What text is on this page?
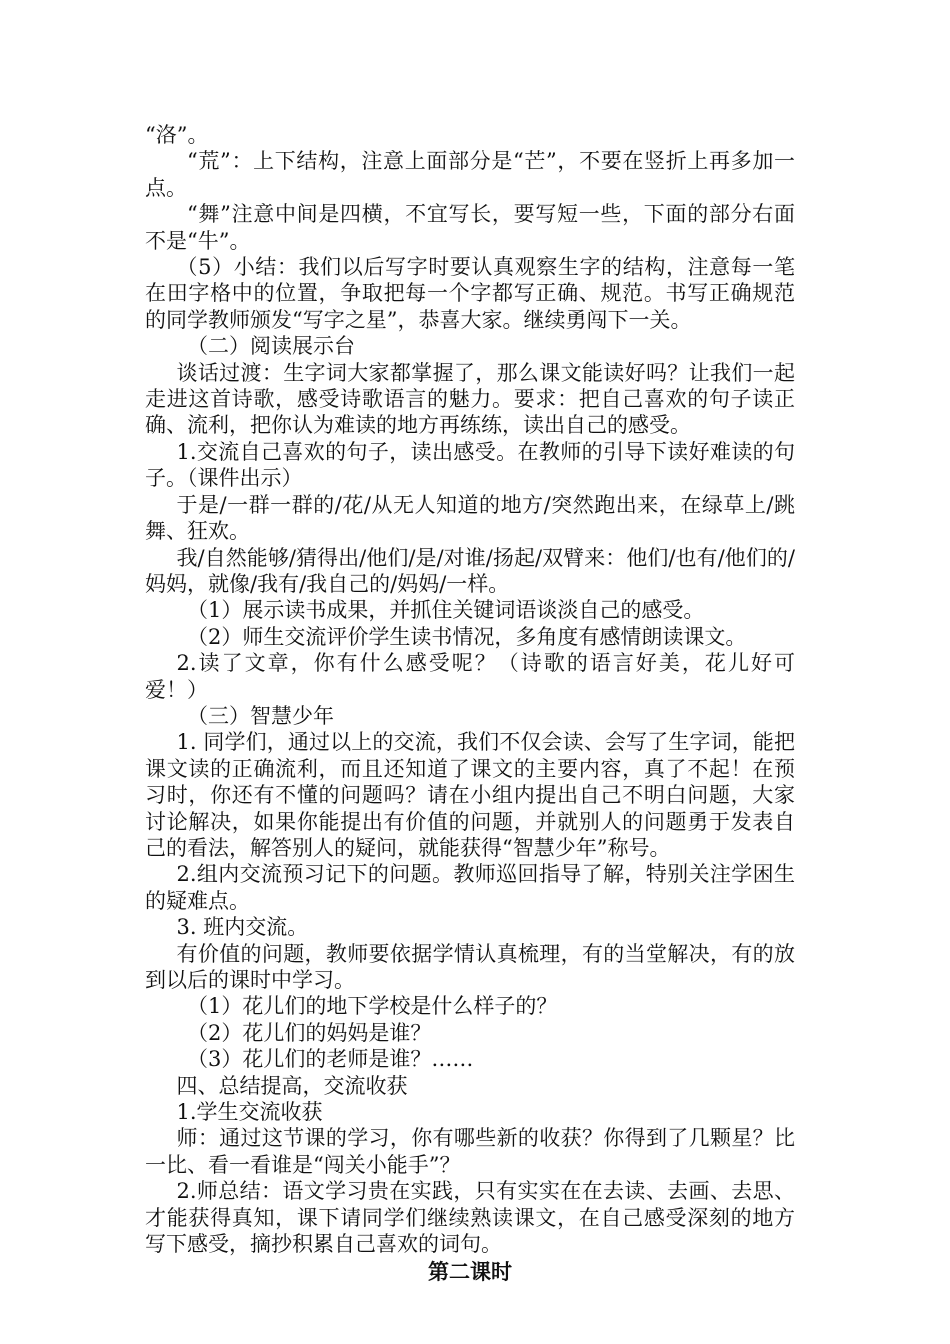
“洛”。

“荒”：上下结构，注意上面部分是“芒”，不要在竖折上再多加一点。

“舞”注意中间是四横，不宜写长，要写短一些，下面的部分右面不是“牛”。

（5）小结：我们以后写字时要认真观察生字的结构，注意每一笔在田字格中的位置，争取把每一个字都写正确、规范。书写正确规范的同学教师颁发“写字之星”，恭喜大家。继续勇闯下一关。

（二）阅读展示台

谈话过渡：生字词大家都掌握了，那么课文能读好吗？让我们一起走进这首诗歌，感受诗歌语言的魅力。要求：把自己喜欢的句子读正确、流利，把你认为难读的地方再练练，读出自己的感受。

1.交流自己喜欢的句子，读出感受。在教师的引导下读好难读的句子。（课件出示）

于是/一群一群的/花/从无人知道的地方/突然跑出来，在绿草上/跳舞、狂欢。

我/自然能够/猜得出/他们/是/对谁/扬起/双臂来：他们/也有/他们的/妈妈，就像/我有/我自己的/妈妈/一样。

（1）展示读书成果，并抓住关键词语谈淡自己的感受。

（2）师生交流评价学生读书情况，多角度有感情朗读课文。

2.读了文章，你有什么感受呢？（诗歌的语言好美，花儿好可爱！）

（三）智慧少年

1. 同学们，通过以上的交流，我们不仅会读、会写了生字词，能把课文读的正确流利，而且还知道了课文的主要内容，真了不起！在预习时，你还有不懂的问题吗？请在小组内提出自己不明白问题，大家讨论解决，如果你能提出有价值的问题，并就别人的问题勇于发表自己的看法，解答别人的疑问，就能获得“智慧少年”称号。

2.组内交流预习记下的问题。教师巡回指导了解，特别关注学困生的疑难点。

3. 班内交流。

有价值的问题，教师要依据学情认真梳理，有的当堂解决，有的放到以后的课时中学习。

（1）花儿们的地下学校是什么样子的？

（2）花儿们的妈妈是谁？

（3）花儿们的老师是谁？……

四、总结提高，交流收获

1.学生交流收获

师：通过这节课的学习，你有哪些新的收获？你得到了几颗星？比一比、看一看谁是“闯关小能手”？

2.师总结：语文学习贵在实践，只有实实在在去读、去画、去思、才能获得真知，课下请同学们继续熟读课文，在自己感受深刻的地方写下感受，摘抄积累自己喜欢的词句。

第二课时
